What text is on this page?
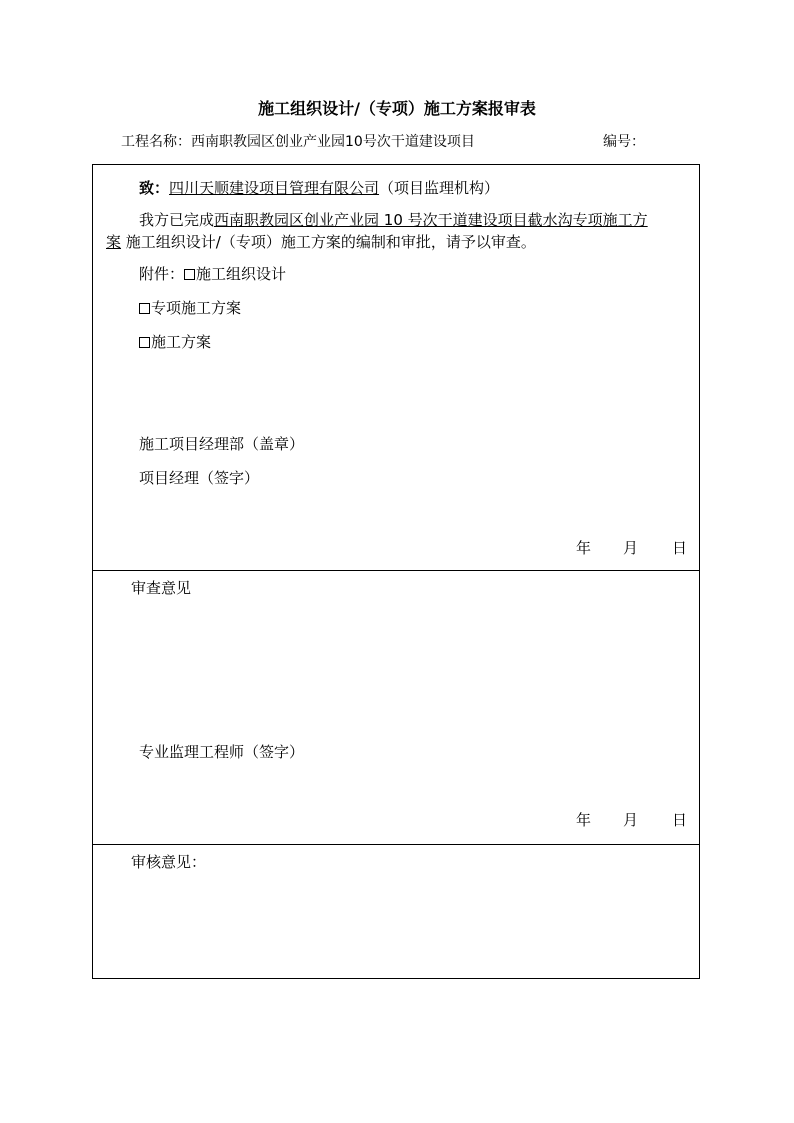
施工组织设计/（专项）施工方案报审表
工程名称：西南职教园区创业产业园10号次干道建设项目	编号：
致：四川天顺建设项目管理有限公司（项目监理机构）
我方已完成西南职教园区创业产业园 10 号次干道建设项目截水沟专项施工方
案 施工组织设计/（专项）施工方案的编制和审批，请予以审查。
附件： 施工组织设计
专项施工方案
施工方案
施工项目经理部（盖章）
项目经理（签字）
年 月 日
审查意见
专业监理工程师（签字）
年 月 日
审核意见：
